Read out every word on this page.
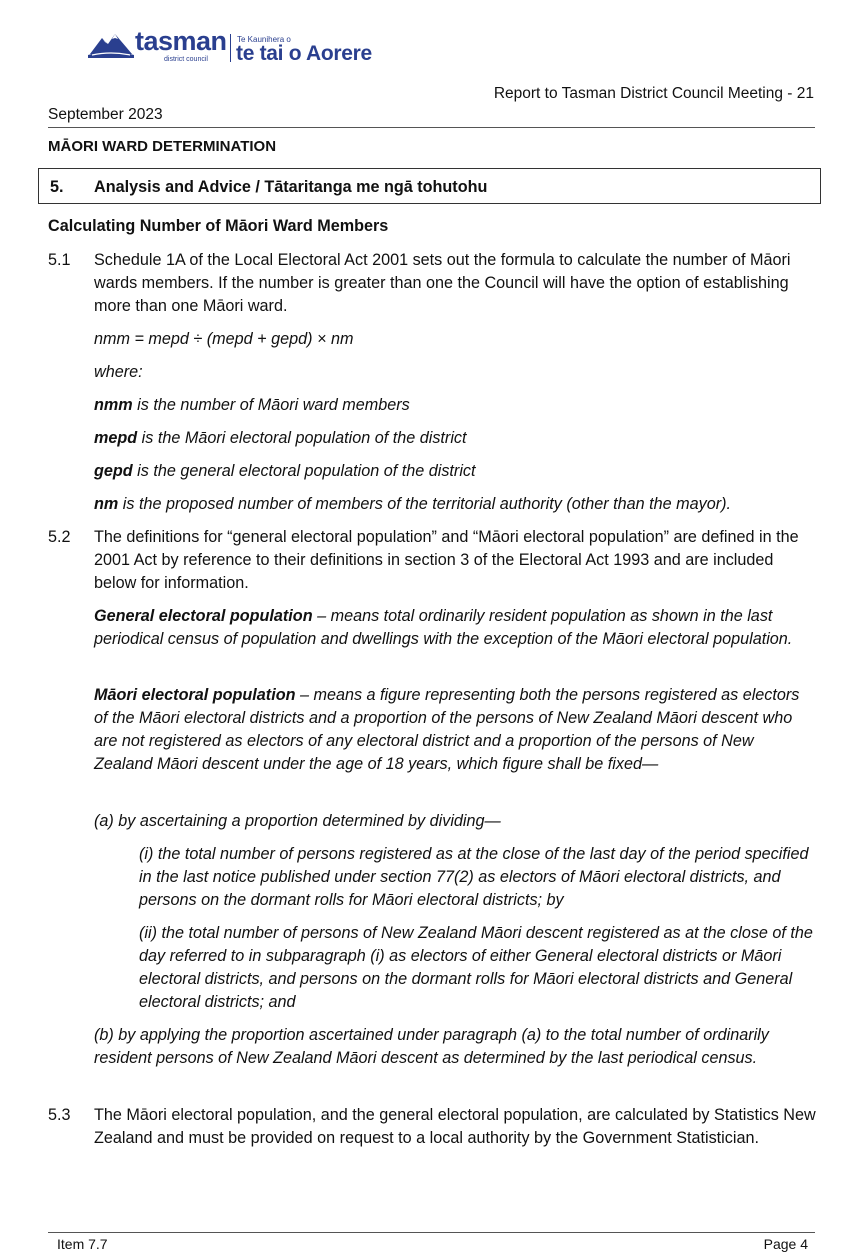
tasman
district council
Te Kaunihera o
te tai o Aorere
Report to Tasman District Council Meeting - 21
September 2023
MĀORI WARD DETERMINATION
5. Analysis and Advice / Tātaritanga me ngā tohutohu
Calculating Number of Māori Ward Members
5.1 Schedule 1A of the Local Electoral Act 2001 sets out the formula to calculate the number of Māori wards members. If the number is greater than one the Council will have the option of establishing more than one Māori ward.
nmm = mepd ÷ (mepd + gepd) × nm
where:
nmm is the number of Māori ward members
mepd is the Māori electoral population of the district
gepd is the general electoral population of the district
nm is the proposed number of members of the territorial authority (other than the mayor).
5.2 The definitions for “general electoral population” and “Māori electoral population” are defined in the 2001 Act by reference to their definitions in section 3 of the Electoral Act 1993 and are included below for information.
General electoral population – means total ordinarily resident population as shown in the last periodical census of population and dwellings with the exception of the Māori electoral population.
Māori electoral population – means a figure representing both the persons registered as electors of the Māori electoral districts and a proportion of the persons of New Zealand Māori descent who are not registered as electors of any electoral district and a proportion of the persons of New Zealand Māori descent under the age of 18 years, which figure shall be fixed—
(a) by ascertaining a proportion determined by dividing—
(i) the total number of persons registered as at the close of the last day of the period specified in the last notice published under section 77(2) as electors of Māori electoral districts, and persons on the dormant rolls for Māori electoral districts; by
(ii) the total number of persons of New Zealand Māori descent registered as at the close of the day referred to in subparagraph (i) as electors of either General electoral districts or Māori electoral districts, and persons on the dormant rolls for Māori electoral districts and General electoral districts; and
(b) by applying the proportion ascertained under paragraph (a) to the total number of ordinarily resident persons of New Zealand Māori descent as determined by the last periodical census.
5.3 The Māori electoral population, and the general electoral population, are calculated by Statistics New Zealand and must be provided on request to a local authority by the Government Statistician.
Item 7.7	Page 4
